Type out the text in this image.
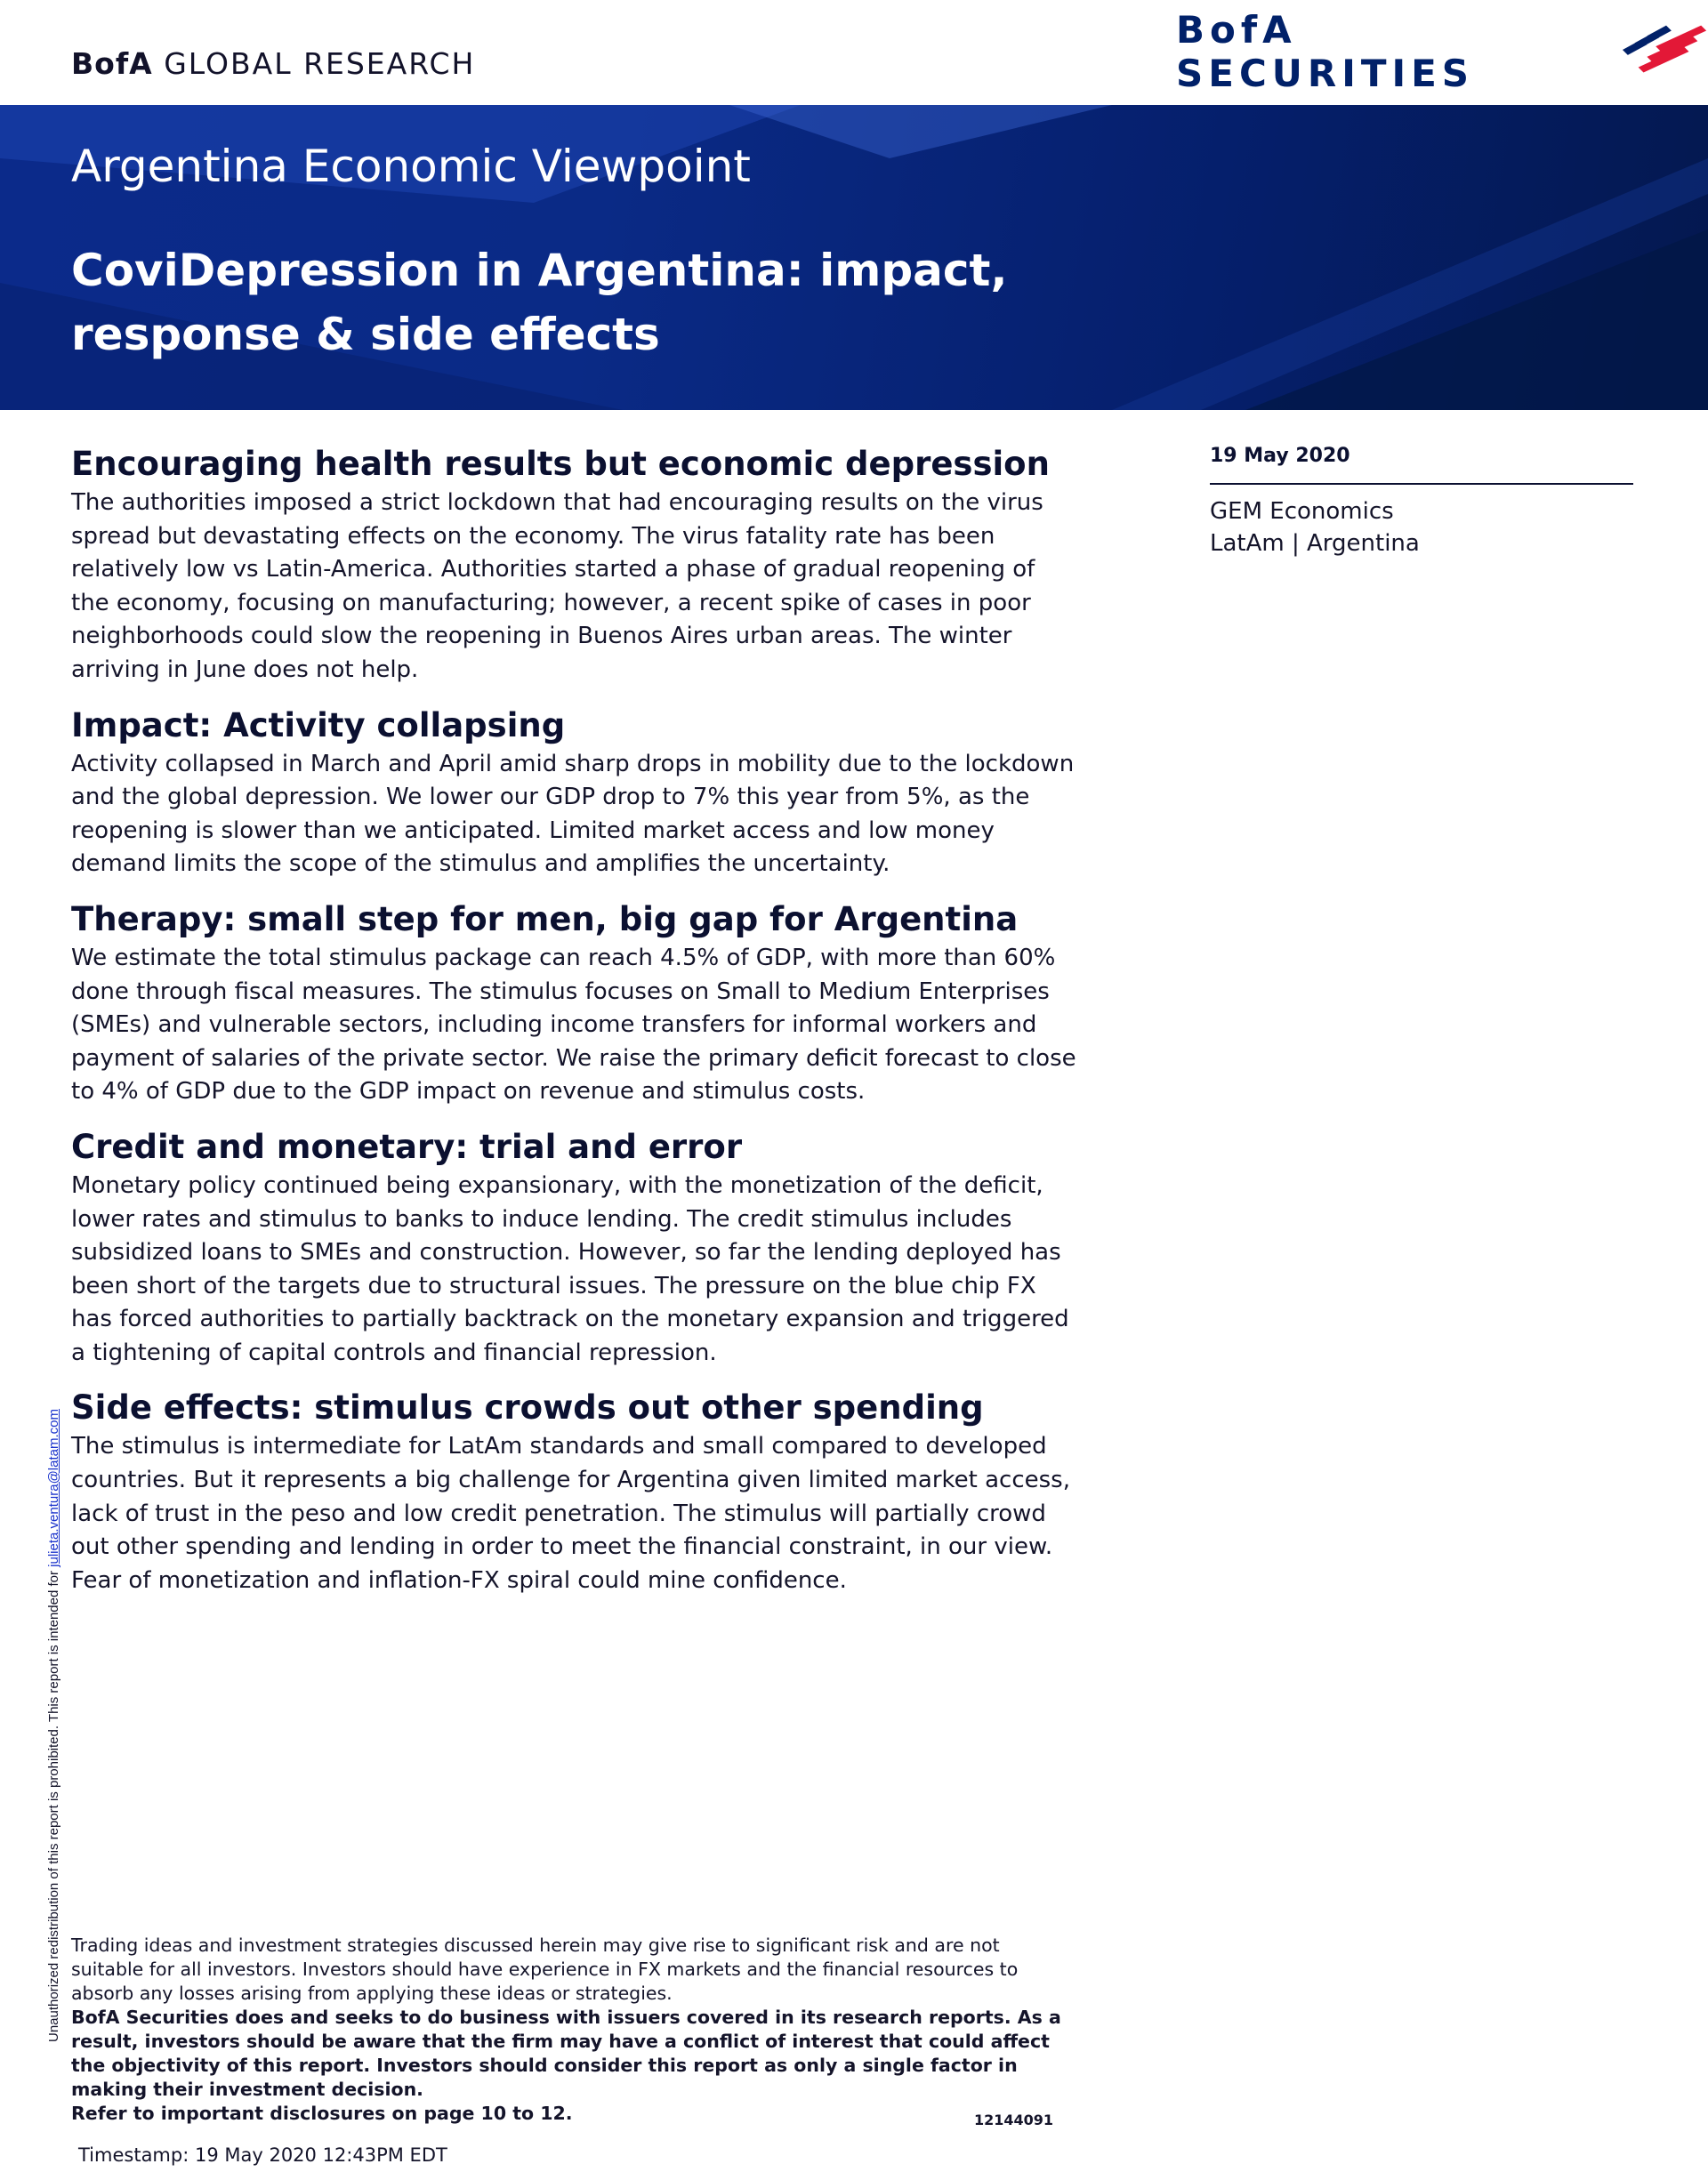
BofA GLOBAL RESEARCH
BofA SECURITIES
Argentina Economic Viewpoint
CoviDepression in Argentina: impact,
response & side effects
Encouraging health results but economic depression

The authorities imposed a strict lockdown that had encouraging results on the virus spread but devastating effects on the economy. The virus fatality rate has been relatively low vs Latin-America. Authorities started a phase of gradual reopening of the economy, focusing on manufacturing; however, a recent spike of cases in poor neighborhoods could slow the reopening in Buenos Aires urban areas. The winter arriving in June does not help.

Impact: Activity collapsing

Activity collapsed in March and April amid sharp drops in mobility due to the lockdown and the global depression. We lower our GDP drop to 7% this year from 5%, as the reopening is slower than we anticipated. Limited market access and low money demand limits the scope of the stimulus and amplifies the uncertainty.

Therapy: small step for men, big gap for Argentina

We estimate the total stimulus package can reach 4.5% of GDP, with more than 60% done through fiscal measures. The stimulus focuses on Small to Medium Enterprises (SMEs) and vulnerable sectors, including income transfers for informal workers and payment of salaries of the private sector. We raise the primary deficit forecast to close to 4% of GDP due to the GDP impact on revenue and stimulus costs.

Credit and monetary: trial and error

Monetary policy continued being expansionary, with the monetization of the deficit, lower rates and stimulus to banks to induce lending. The credit stimulus includes subsidized loans to SMEs and construction. However, so far the lending deployed has been short of the targets due to structural issues. The pressure on the blue chip FX has forced authorities to partially backtrack on the monetary expansion and triggered a tightening of capital controls and financial repression.

Side effects: stimulus crowds out other spending

The stimulus is intermediate for LatAm standards and small compared to developed countries. But it represents a big challenge for Argentina given limited market access, lack of trust in the peso and low credit penetration. The stimulus will partially crowd out other spending and lending in order to meet the financial constraint, in our view. Fear of monetization and inflation-FX spiral could mine confidence.

19 May 2020
GEM Economics
LatAm | Argentina
Unauthorized redistribution of this report is prohibited. This report is intended for julieta.ventura@latam.com
Trading ideas and investment strategies discussed herein may give rise to significant risk and are not suitable for all investors. Investors should have experience in FX markets and the financial resources to absorb any losses arising from applying these ideas or strategies.
BofA Securities does and seeks to do business with issuers covered in its research reports. As a result, investors should be aware that the firm may have a conflict of interest that could affect the objectivity of this report. Investors should consider this report as only a single factor in making their investment decision.
Refer to important disclosures on page 10 to 12.	12144091
Timestamp: 19 May 2020 12:43PM EDT
